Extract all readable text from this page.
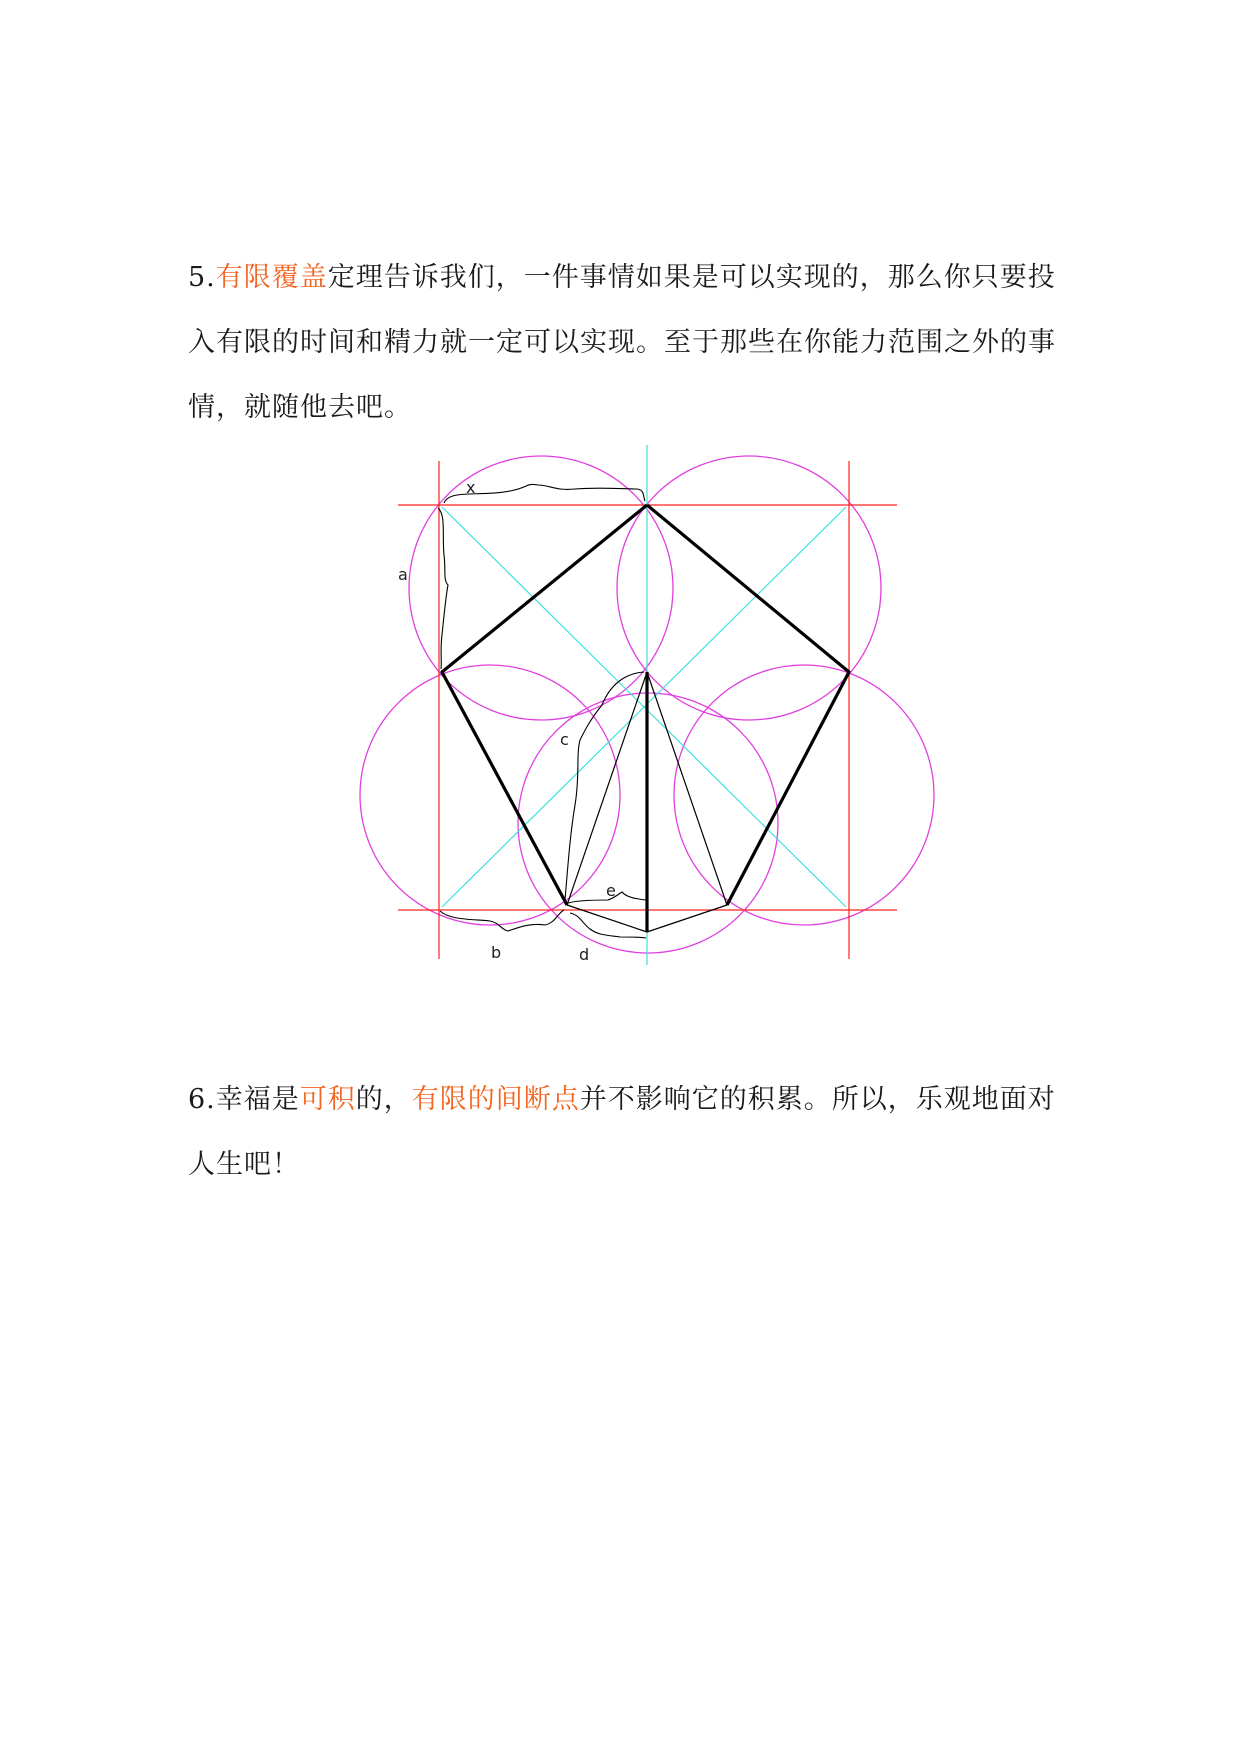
5.有限覆盖定理告诉我们，一件事情如果是可以实现的，那么你只要投入有限的时间和精力就一定可以实现。至于那些在你能力范围之外的事情，就随他去吧。

x
a
c
e
b	d

6.幸福是可积的，有限的间断点并不影响它的积累。所以，乐观地面对人生吧！
